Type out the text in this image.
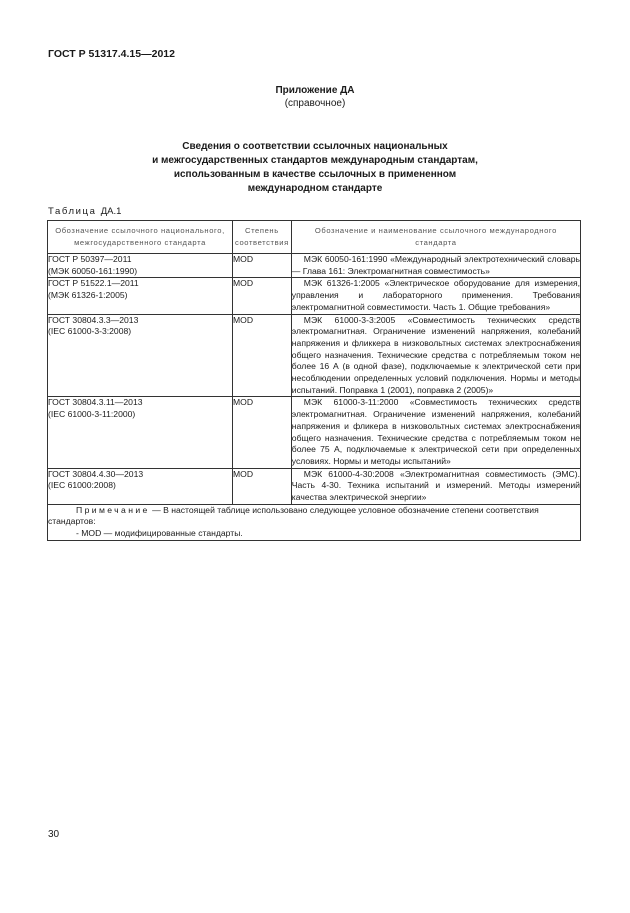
ГОСТ Р 51317.4.15—2012
Приложение ДА
(справочное)
Сведения о соответствии ссылочных национальных
и межгосударственных стандартов международным стандартам,
использованным в качестве ссылочных в примененном
международном стандарте
Таблица ДА.1
Обозначение ссылочного национального, межгосударственного стандарта	Степень соответствия	Обозначение и наименование ссылочного международного стандарта

ГОСТ Р 50397—2011
(МЭК 60050-161:1990)	MOD	МЭК 60050-161:1990 «Международный электротехнический словарь — Глава 161: Электромагнитная совместимость»

ГОСТ Р 51522.1—2011
(МЭК 61326-1:2005)	MOD	МЭК 61326-1:2005 «Электрическое оборудование для измерения, управления и лабораторного применения. Требования электромагнитной совместимости. Часть 1. Общие требования»

ГОСТ 30804.3.3—2013
(IEC 61000-3-3:2008)	MOD	МЭК 61000-3-3:2005 «Совместимость технических средств электромагнитная. Ограничение изменений напряжения, колебаний напряжения и фликкера в низковольтных системах электроснабжения общего назначения. Технические средства с потребляемым током не более 16 А (в одной фазе), подключаемые к электрической сети при несоблюдении определенных условий подключения. Нормы и методы испытаний. Поправка 1 (2001), поправка 2 (2005)»

ГОСТ 30804.3.11—2013
(IEC 61000-3-11:2000)	MOD	МЭК 61000-3-11:2000 «Совместимость технических средств электромагнитная. Ограничение изменений напряжения, колебаний напряжения и фликера в низковольтных системах электроснабжения общего назначения. Технические средства с потребляемым током не более 75 А, подключаемые к электрической сети при определенных условиях. Нормы и методы испытаний»

ГОСТ 30804.4.30—2013
(IEC 61000:2008)	MOD	МЭК 61000-4-30:2008 «Электромагнитная совместимость (ЭМС). Часть 4-30. Техника испытаний и измерений. Методы измерений качества электрической энергии»

Примечание — В настоящей таблице использовано следующее условное обозначение степени соответствия стандартов:
- MOD — модифицированные стандарты.		
30
